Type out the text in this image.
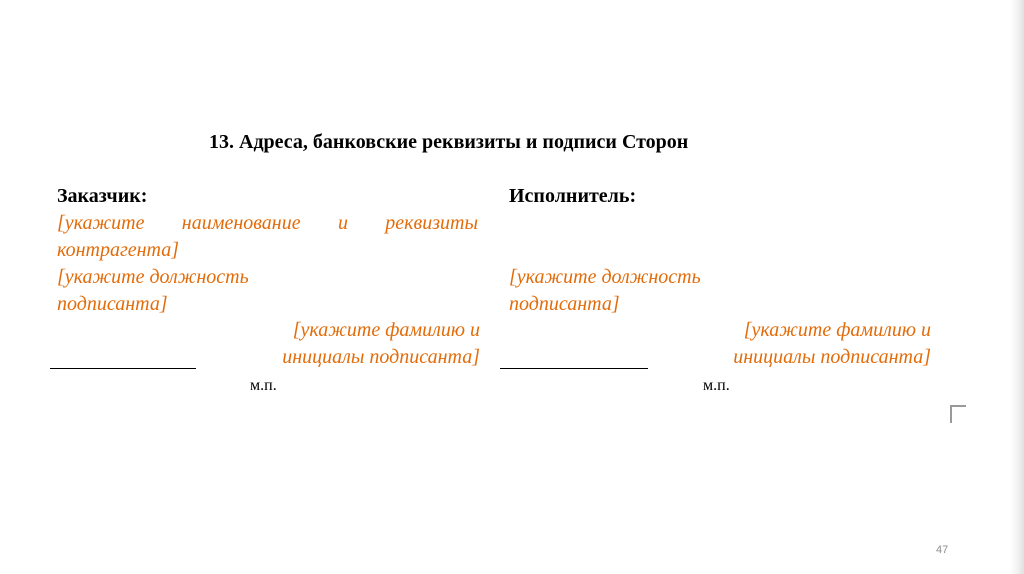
13. Адреса, банковские реквизиты и подписи Сторон
Заказчик:
[укажите наименование и реквизиты
контрагента]
[укажите должность
подписанта]
[укажите фамилию и
инициалы подписанта]
м.п.
Исполнитель:
[укажите должность
подписанта]
[укажите фамилию и
инициалы подписанта]
м.п.
47
